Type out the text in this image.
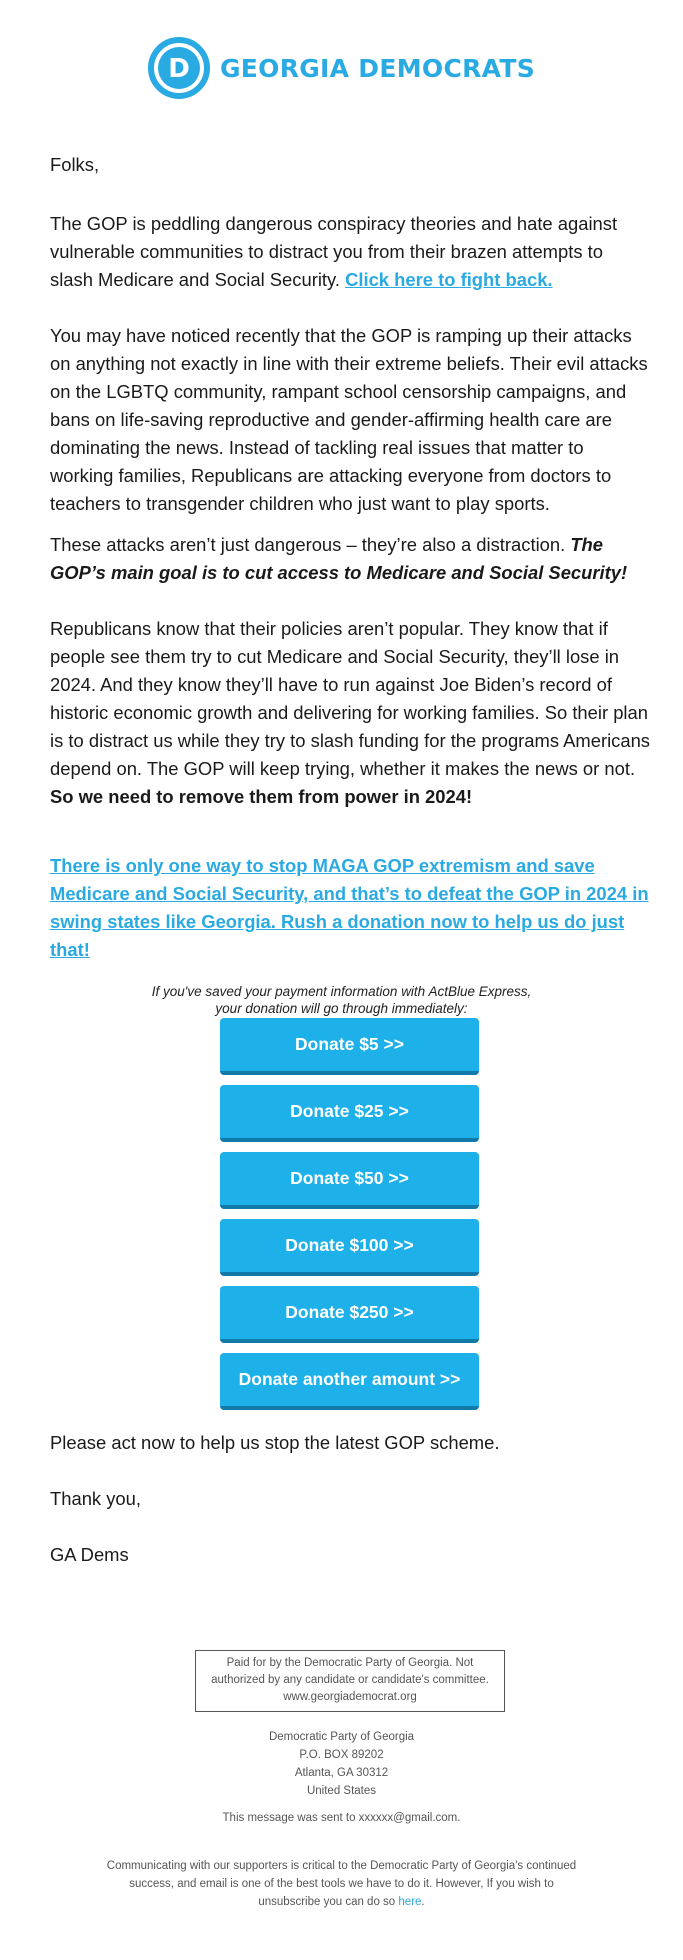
D GEORGIA DEMOCRATS
Folks,
The GOP is peddling dangerous conspiracy theories and hate against vulnerable communities to distract you from their brazen attempts to slash Medicare and Social Security. Click here to fight back.
You may have noticed recently that the GOP is ramping up their attacks on anything not exactly in line with their extreme beliefs. Their evil attacks on the LGBTQ community, rampant school censorship campaigns, and bans on life-saving reproductive and gender-affirming health care are dominating the news. Instead of tackling real issues that matter to working families, Republicans are attacking everyone from doctors to teachers to transgender children who just want to play sports.
These attacks aren’t just dangerous – they’re also a distraction. The GOP’s main goal is to cut access to Medicare and Social Security!
Republicans know that their policies aren’t popular. They know that if people see them try to cut Medicare and Social Security, they’ll lose in 2024. And they know they’ll have to run against Joe Biden’s record of historic economic growth and delivering for working families. So their plan is to distract us while they try to slash funding for the programs Americans depend on. The GOP will keep trying, whether it makes the news or not. So we need to remove them from power in 2024!
There is only one way to stop MAGA GOP extremism and save Medicare and Social Security, and that’s to defeat the GOP in 2024 in swing states like Georgia. Rush a donation now to help us do just that!
If you've saved your payment information with ActBlue Express,
your donation will go through immediately:
Donate $5 >>
Donate $25 >>
Donate $50 >>
Donate $100 >>
Donate $250 >>
Donate another amount >>
Please act now to help us stop the latest GOP scheme.
Thank you,
GA Dems
Paid for by the Democratic Party of Georgia. Not
authorized by any candidate or candidate's committee.
www.georgiademocrat.org
Democratic Party of Georgia
P.O. BOX 89202
Atlanta, GA 30312
United States
This message was sent to xxxxxx@gmail.com.
Communicating with our supporters is critical to the Democratic Party of Georgia's continued success, and email is one of the best tools we have to do it. However, If you wish to unsubscribe you can do so here.
